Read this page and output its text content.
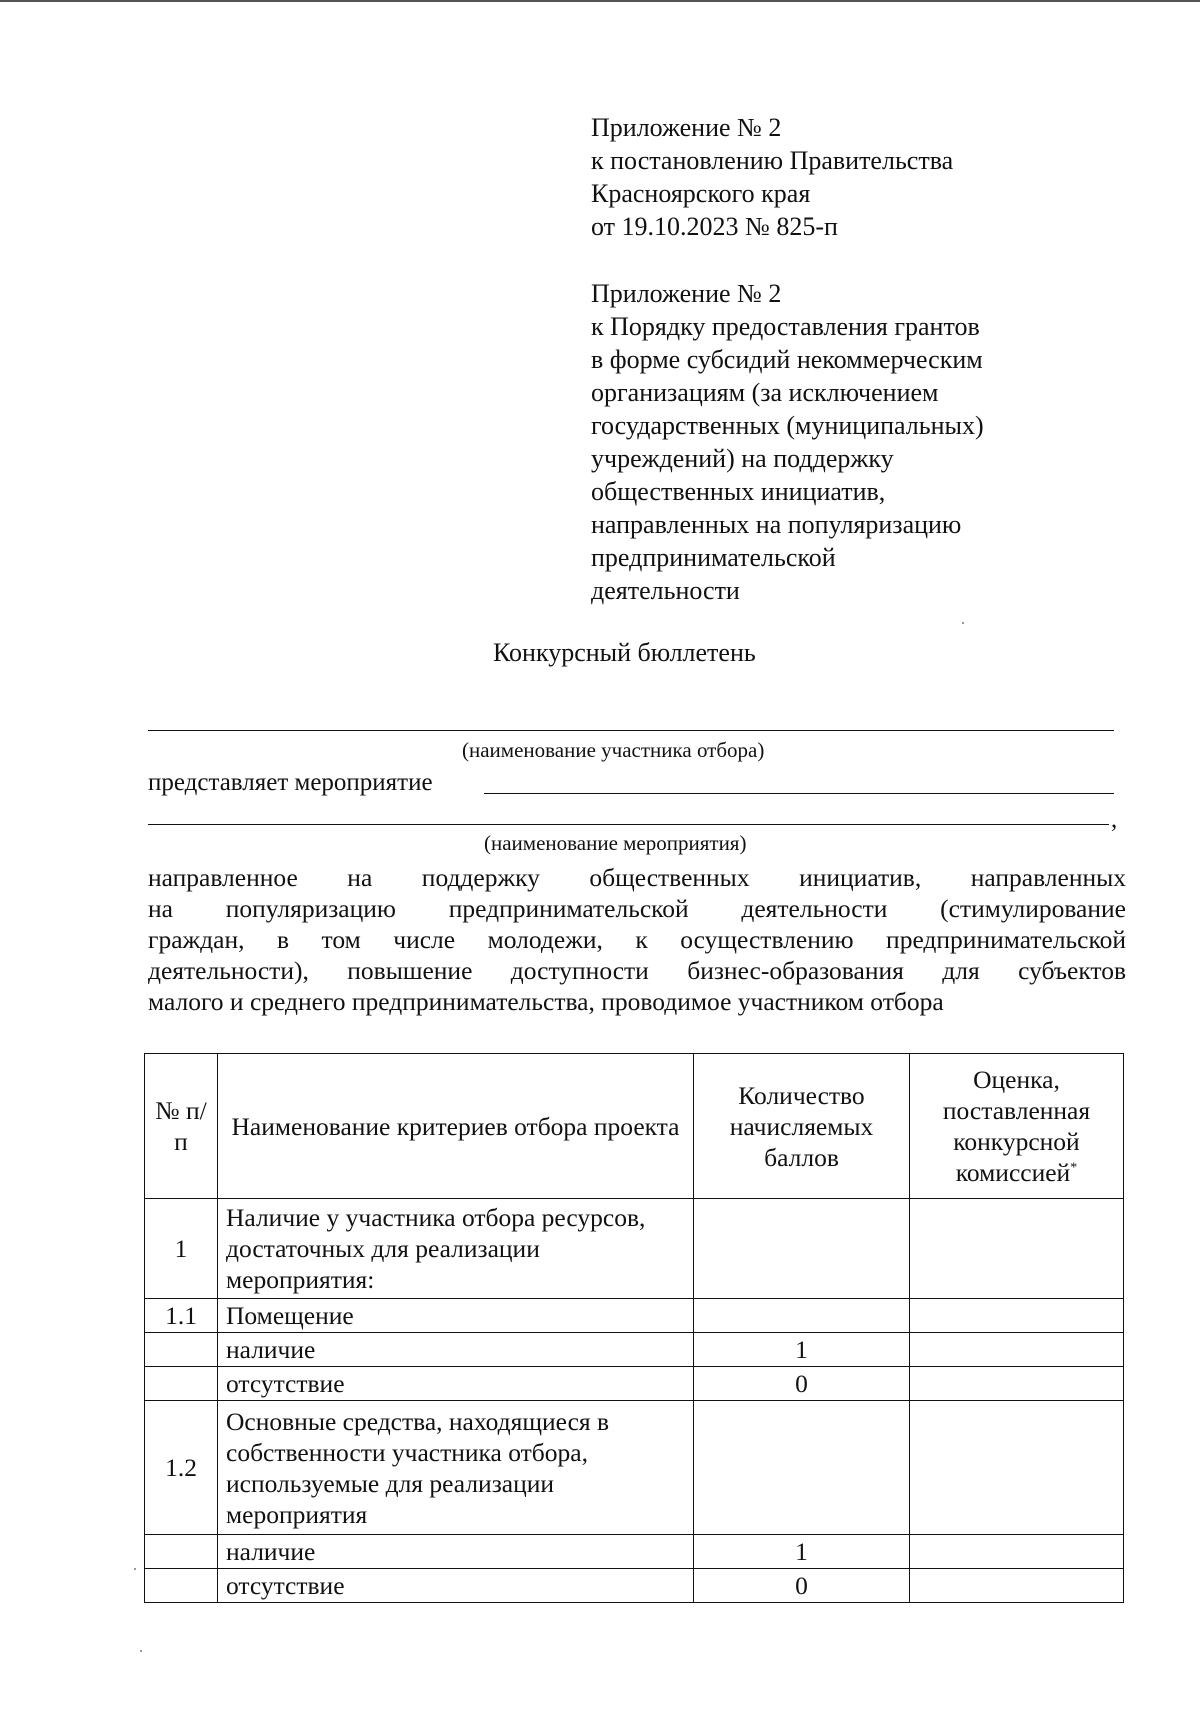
Приложение № 2
к постановлению Правительства
Красноярского края
от 19.10.2023 № 825-п
Приложение № 2
к Порядку предоставления грантов
в форме субсидий некоммерческим
организациям (за исключением
государственных (муниципальных)
учреждений) на поддержку
общественных инициатив,
направленных на популяризацию
предпринимательской
деятельности
Конкурсный бюллетень
(наименование участника отбора)
представляет мероприятие
,
(наименование мероприятия)
направленное на поддержку общественных инициатив, направленных
на популяризацию предпринимательской деятельности (стимулирование
граждан, в том числе молодежи, к осуществлению предпринимательской
деятельности), повышение доступности бизнес-образования для субъектов
малого и среднего предпринимательства, проводимое участником отбора
№ п/п	Наименование критериев отбора проекта	Количество начисляемых баллов	Оценка, поставленная конкурсной комиссией*
1	Наличие у участника отбора ресурсов, достаточных для реализации мероприятия:		
1.1	Помещение		
	наличие	1	
	отсутствие	0	
1.2	Основные средства, находящиеся в собственности участника отбора, используемые для реализации мероприятия		
	наличие	1	
	отсутствие	0	
